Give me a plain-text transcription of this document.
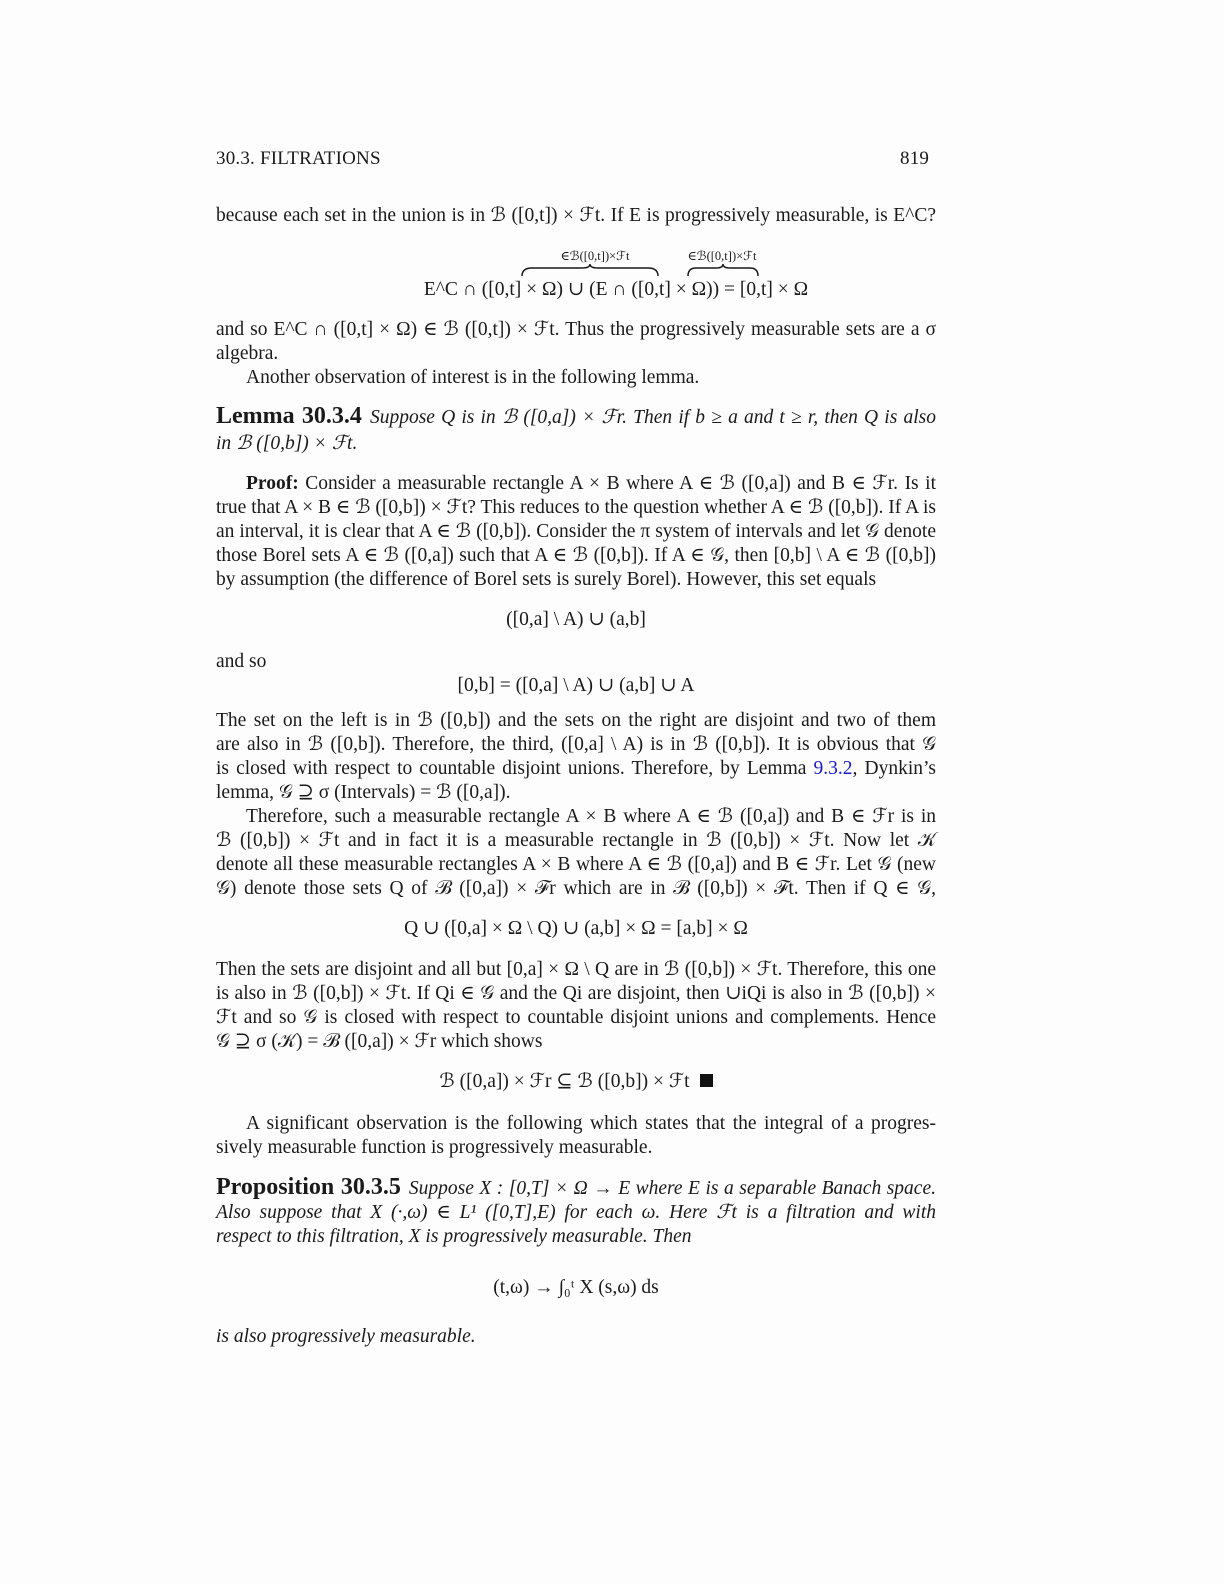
30.3. FILTRATIONS	819
because each set in the union is in ℬ ([0,t]) × ℱt. If E is progressively measurable, is E^C?
∈ℬ([0,t])×ℱt	∈ℬ([0,t])×ℱt
E^C ∩ ([0,t] × Ω) ∪ (E ∩ ([0,t] × Ω)) = [0,t] × Ω
and so E^C ∩ ([0,t] × Ω) ∈ ℬ ([0,t]) × ℱt. Thus the progressively measurable sets are a σ
algebra.
Another observation of interest is in the following lemma.
Lemma 30.3.4 Suppose Q is in ℬ ([0,a]) × ℱr. Then if b ≥ a and t ≥ r, then Q is also
in ℬ ([0,b]) × ℱt.
Proof: Consider a measurable rectangle A × B where A ∈ ℬ ([0,a]) and B ∈ ℱr. Is it
true that A × B ∈ ℬ ([0,b]) × ℱt? This reduces to the question whether A ∈ ℬ ([0,b]). If A is
an interval, it is clear that A ∈ ℬ ([0,b]). Consider the π system of intervals and let 𝒢 denote
those Borel sets A ∈ ℬ ([0,a]) such that A ∈ ℬ ([0,b]). If A ∈ 𝒢, then [0,b] \ A ∈ ℬ ([0,b])
by assumption (the difference of Borel sets is surely Borel). However, this set equals
([0,a] \ A) ∪ (a,b]
and so
[0,b] = ([0,a] \ A) ∪ (a,b] ∪ A
The set on the left is in ℬ ([0,b]) and the sets on the right are disjoint and two of them
are also in ℬ ([0,b]). Therefore, the third, ([0,a] \ A) is in ℬ ([0,b]). It is obvious that 𝒢
is closed with respect to countable disjoint unions. Therefore, by Lemma 9.3.2, Dynkin’s
lemma, 𝒢 ⊇ σ (Intervals) = ℬ ([0,a]).
Therefore, such a measurable rectangle A × B where A ∈ ℬ ([0,a]) and B ∈ ℱr is in
ℬ ([0,b]) × ℱt and in fact it is a measurable rectangle in ℬ ([0,b]) × ℱt. Now let 𝒦
denote all these measurable rectangles A × B where A ∈ ℬ ([0,a]) and B ∈ ℱr. Let 𝒢 (new
𝒢) denote those sets Q of ℬ ([0,a]) × ℱr which are in ℬ ([0,b]) × ℱt. Then if Q ∈ 𝒢,
Q ∪ ([0,a] × Ω \ Q) ∪ (a,b] × Ω = [a,b] × Ω
Then the sets are disjoint and all but [0,a] × Ω \ Q are in ℬ ([0,b]) × ℱt. Therefore, this one
is also in ℬ ([0,b]) × ℱt. If Qi ∈ 𝒢 and the Qi are disjoint, then ∪iQi is also in ℬ ([0,b]) ×
ℱt and so 𝒢 is closed with respect to countable disjoint unions and complements. Hence
𝒢 ⊇ σ (𝒦) = ℬ ([0,a]) × ℱr which shows
ℬ ([0,a]) × ℱr ⊆ ℬ ([0,b]) × ℱt
A significant observation is the following which states that the integral of a progres-
sively measurable function is progressively measurable.
Proposition 30.3.5 Suppose X : [0,T] × Ω → E where E is a separable Banach space.
Also suppose that X (·,ω) ∈ L¹ ([0,T],E) for each ω. Here ℱt is a filtration and with
respect to this filtration, X is progressively measurable. Then
(t,ω) → ∫₀ᵗ X (s,ω) ds
is also progressively measurable.
